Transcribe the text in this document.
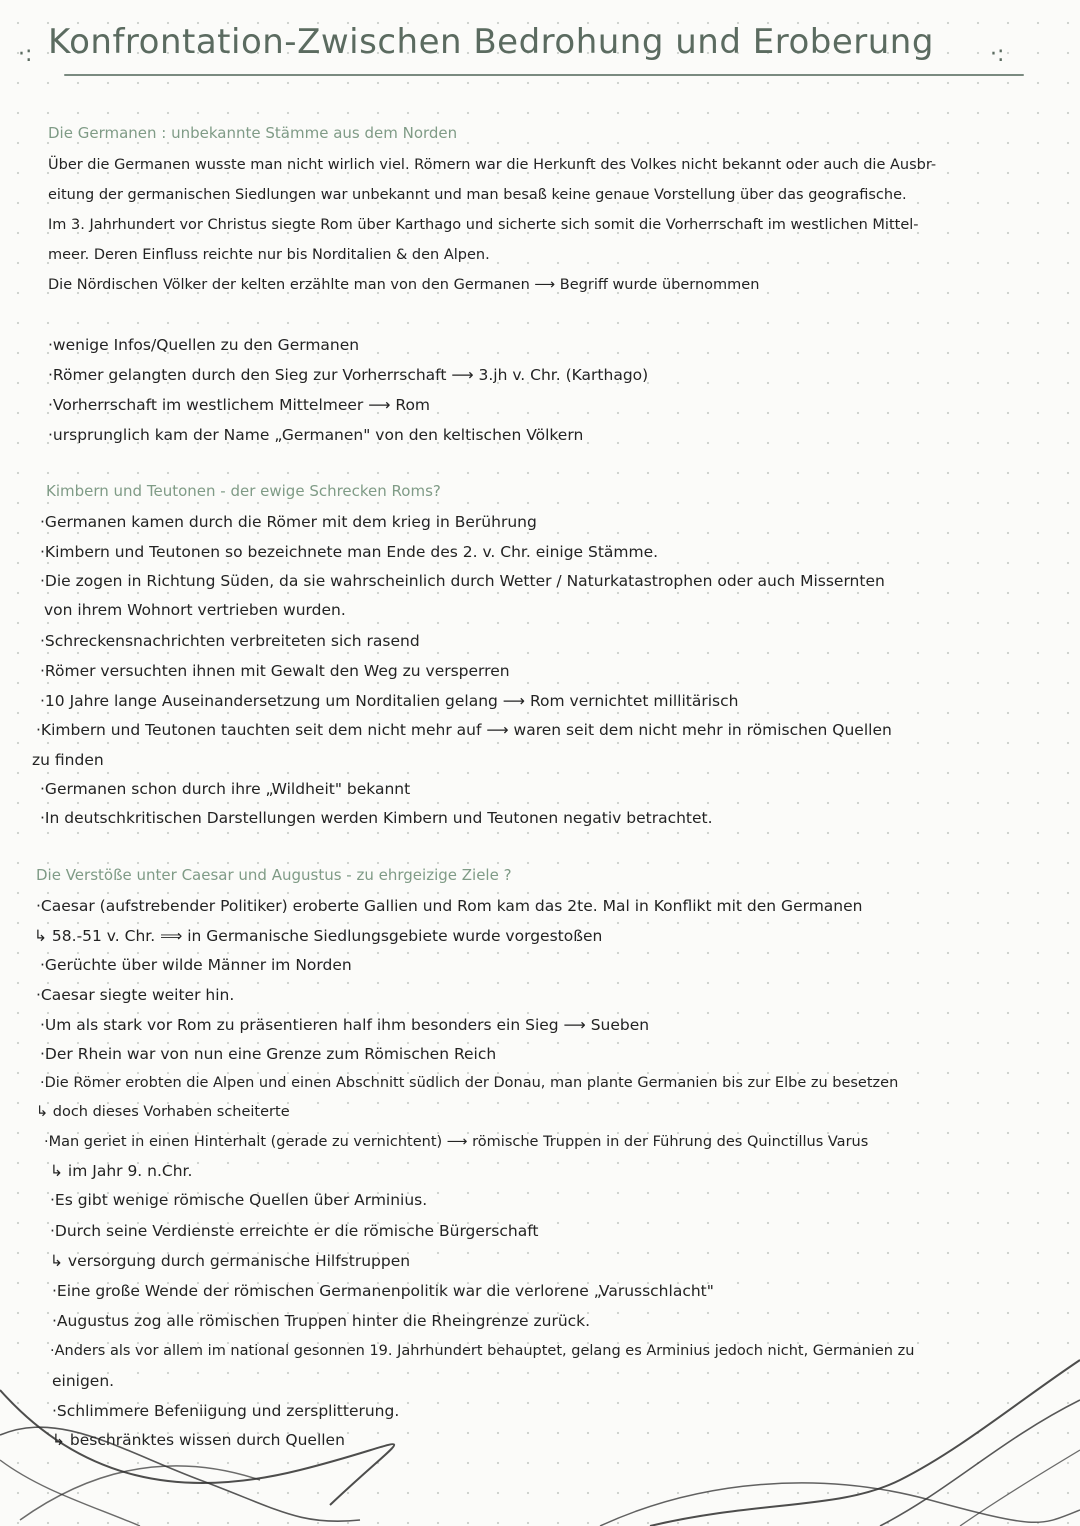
·: Konfrontation-Zwischen Bedrohung und Eroberung	·:
Die Germanen : unbekannte Stämme aus dem Norden
Über die Germanen wusste man nicht wirlich viel. Römern war die Herkunft des Volkes nicht bekannt oder auch die Ausbr-
eitung der germanischen Siedlungen war unbekannt und man besaß keine genaue Vorstellung über das geografische.
Im 3. Jahrhundert vor Christus siegte Rom über Karthago und sicherte sich somit die Vorherrschaft im westlichen Mittel-
meer. Deren Einfluss reichte nur bis Norditalien & den Alpen.
Die Nördischen Völker der kelten erzählte man von den Germanen ⟶ Begriff wurde übernommen
·wenige Infos/Quellen zu den Germanen
·Römer gelangten durch den Sieg zur Vorherrschaft ⟶ 3.jh v. Chr. (Karthago)
·Vorherrschaft im westlichem Mittelmeer ⟶ Rom
·ursprunglich kam der Name „Germanen" von den keltischen Völkern
Kimbern und Teutonen - der ewige Schrecken Roms?
·Germanen kamen durch die Römer mit dem krieg in Berührung
·Kimbern und Teutonen so bezeichnete man Ende des 2. v. Chr. einige Stämme.
·Die zogen in Richtung Süden, da sie wahrscheinlich durch Wetter / Naturkatastrophen oder auch Missernten
von ihrem Wohnort vertrieben wurden.
·Schreckensnachrichten verbreiteten sich rasend
·Römer versuchten ihnen mit Gewalt den Weg zu versperren
·10 Jahre lange Auseinandersetzung um Norditalien gelang ⟶ Rom vernichtet millitärisch
·Kimbern und Teutonen tauchten seit dem nicht mehr auf ⟶ waren seit dem nicht mehr in römischen Quellen
zu finden
·Germanen schon durch ihre „Wildheit" bekannt
·In deutschkritischen Darstellungen werden Kimbern und Teutonen negativ betrachtet.
Die Verstöße unter Caesar und Augustus - zu ehrgeizige Ziele ?
·Caesar (aufstrebender Politiker) eroberte Gallien und Rom kam das 2te. Mal in Konflikt mit den Germanen
↳ 58.-51 v. Chr. ⟹ in Germanische Siedlungsgebiete wurde vorgestoßen
·Gerüchte über wilde Männer im Norden
·Caesar siegte weiter hin.
·Um als stark vor Rom zu präsentieren half ihm besonders ein Sieg ⟶ Sueben
·Der Rhein war von nun eine Grenze zum Römischen Reich
·Die Römer erobten die Alpen und einen Abschnitt südlich der Donau, man plante Germanien bis zur Elbe zu besetzen
↳ doch dieses Vorhaben scheiterte
·Man geriet in einen Hinterhalt (gerade zu vernichtent) ⟶ römische Truppen in der Führung des Quinctillus Varus
↳ im Jahr 9. n.Chr.
·Es gibt wenige römische Quellen über Arminius.
·Durch seine Verdienste erreichte er die römische Bürgerschaft
↳ versorgung durch germanische Hilfstruppen
·Eine große Wende der römischen Germanenpolitik war die verlorene „Varusschlacht"
·Augustus zog alle römischen Truppen hinter die Rheingrenze zurück.
·Anders als vor allem im national gesonnen 19. Jahrhundert behauptet, gelang es Arminius jedoch nicht, Germanien zu
einigen.
·Schlimmere Befeniigung und zersplitterung.
↳ beschränktes wissen durch Quellen
